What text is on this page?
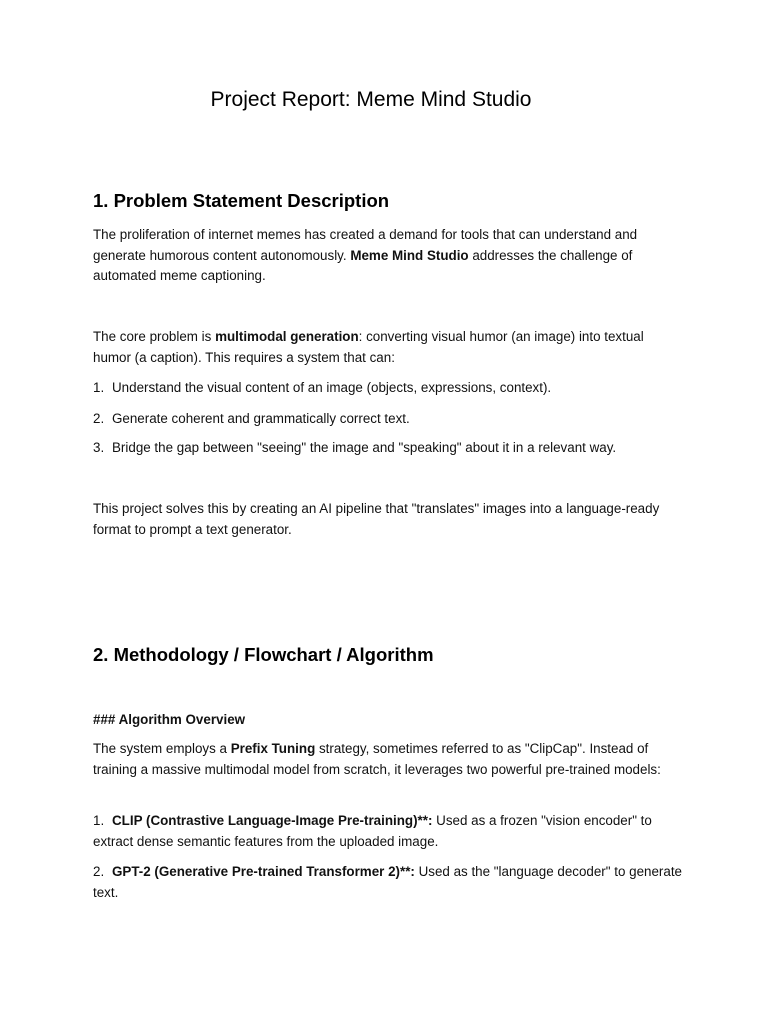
Project Report: Meme Mind Studio
1. Problem Statement Description

The proliferation of internet memes has created a demand for tools that can understand and generate humorous content autonomously. Meme Mind Studio addresses the challenge of automated meme captioning.

The core problem is multimodal generation: converting visual humor (an image) into textual humor (a caption). This requires a system that can:

1. Understand the visual content of an image (objects, expressions, context).
2. Generate coherent and grammatically correct text.
3. Bridge the gap between "seeing" the image and "speaking" about it in a relevant way.

This project solves this by creating an AI pipeline that "translates" images into a language-ready format to prompt a text generator.

2. Methodology / Flowchart / Algorithm
### Algorithm Overview

The system employs a Prefix Tuning strategy, sometimes referred to as "ClipCap". Instead of training a massive multimodal model from scratch, it leverages two powerful pre-trained models:

1. CLIP (Contrastive Language-Image Pre-training)**: Used as a frozen "vision encoder" to extract dense semantic features from the uploaded image.
2. GPT-2 (Generative Pre-trained Transformer 2)**: Used as the "language decoder" to generate text.
